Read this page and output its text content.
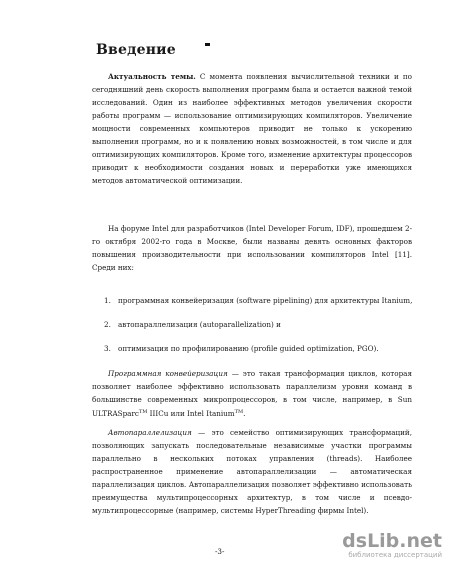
Введение
Актуальность темы. С момента появления вычислительной техники и по сегодняшний день скорость выполнения программ была и остается важной темой исследований. Один из наиболее эффективных методов увеличения скорости работы программ — использование оптимизирующих компиляторов. Увеличение мощности современных компьютеров приводит не только к ускорению выполнения программ, но и к появлению новых возможностей, в том числе и для оптимизирующих компиляторов. Кроме того, изменение архитектуры процессоров приводит к необходимости создания новых и переработки уже имеющихся методов автоматической оптимизации.
На форуме Intel для разработчиков (Intel Developer Forum, IDF), прошедшем 2-го октября 2002-го года в Москве, были названы девять основных факторов повышения производительности при использовании компиляторов Intel [11]. Среди них:
1. программная конвейеризация (software pipelining) для архитектуры Itanium,
2. автопараллелизация (autoparallelization) и
3. оптимизация по профилированию (profile guided optimization, PGO).
Программная конвейеризация — это такая трансформация циклов, которая позволяет наиболее эффективно использовать параллелизм уровня команд в большинстве современных микропроцессоров, в том числе, например, в Sun ULTRASparc™ IIICu или Intel Itanium™.
Автопараллелизация — это семейство оптимизирующих трансформаций, позволяющих запускать последовательные независимые участки программы параллельно в нескольких потоках управления (threads). Наиболее распространенное применение автопараллелизации — автоматическая параллелизация циклов. Автопараллелизация позволяет эффективно использовать преимущества мультипроцессорных архитектур, в том числе и псевдо-мультипроцессорные (например, системы HyperThreading фирмы Intel).
-3-	dsLib.net
библиотека диссертаций
